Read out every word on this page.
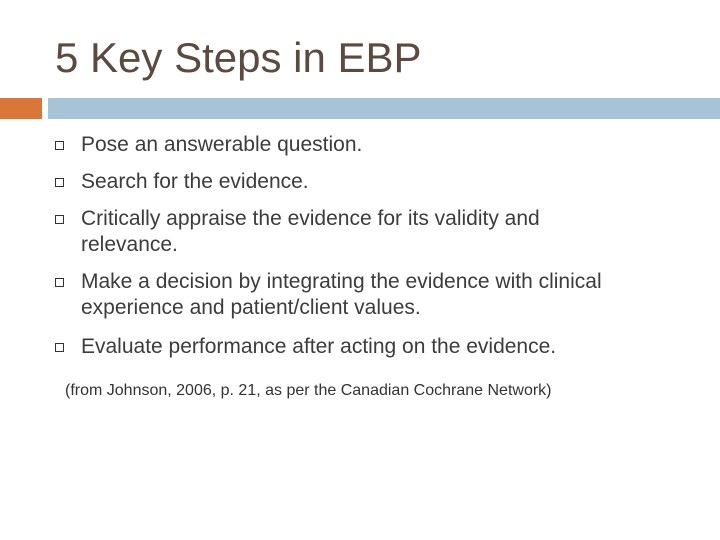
5 Key Steps in EBP
Pose an answerable question.
Search for the evidence.
Critically appraise the evidence for its validity and relevance.
Make a decision by integrating the evidence with clinical experience and patient/client values.
Evaluate performance after acting on the evidence.
(from Johnson, 2006, p. 21, as per the Canadian Cochrane Network)
